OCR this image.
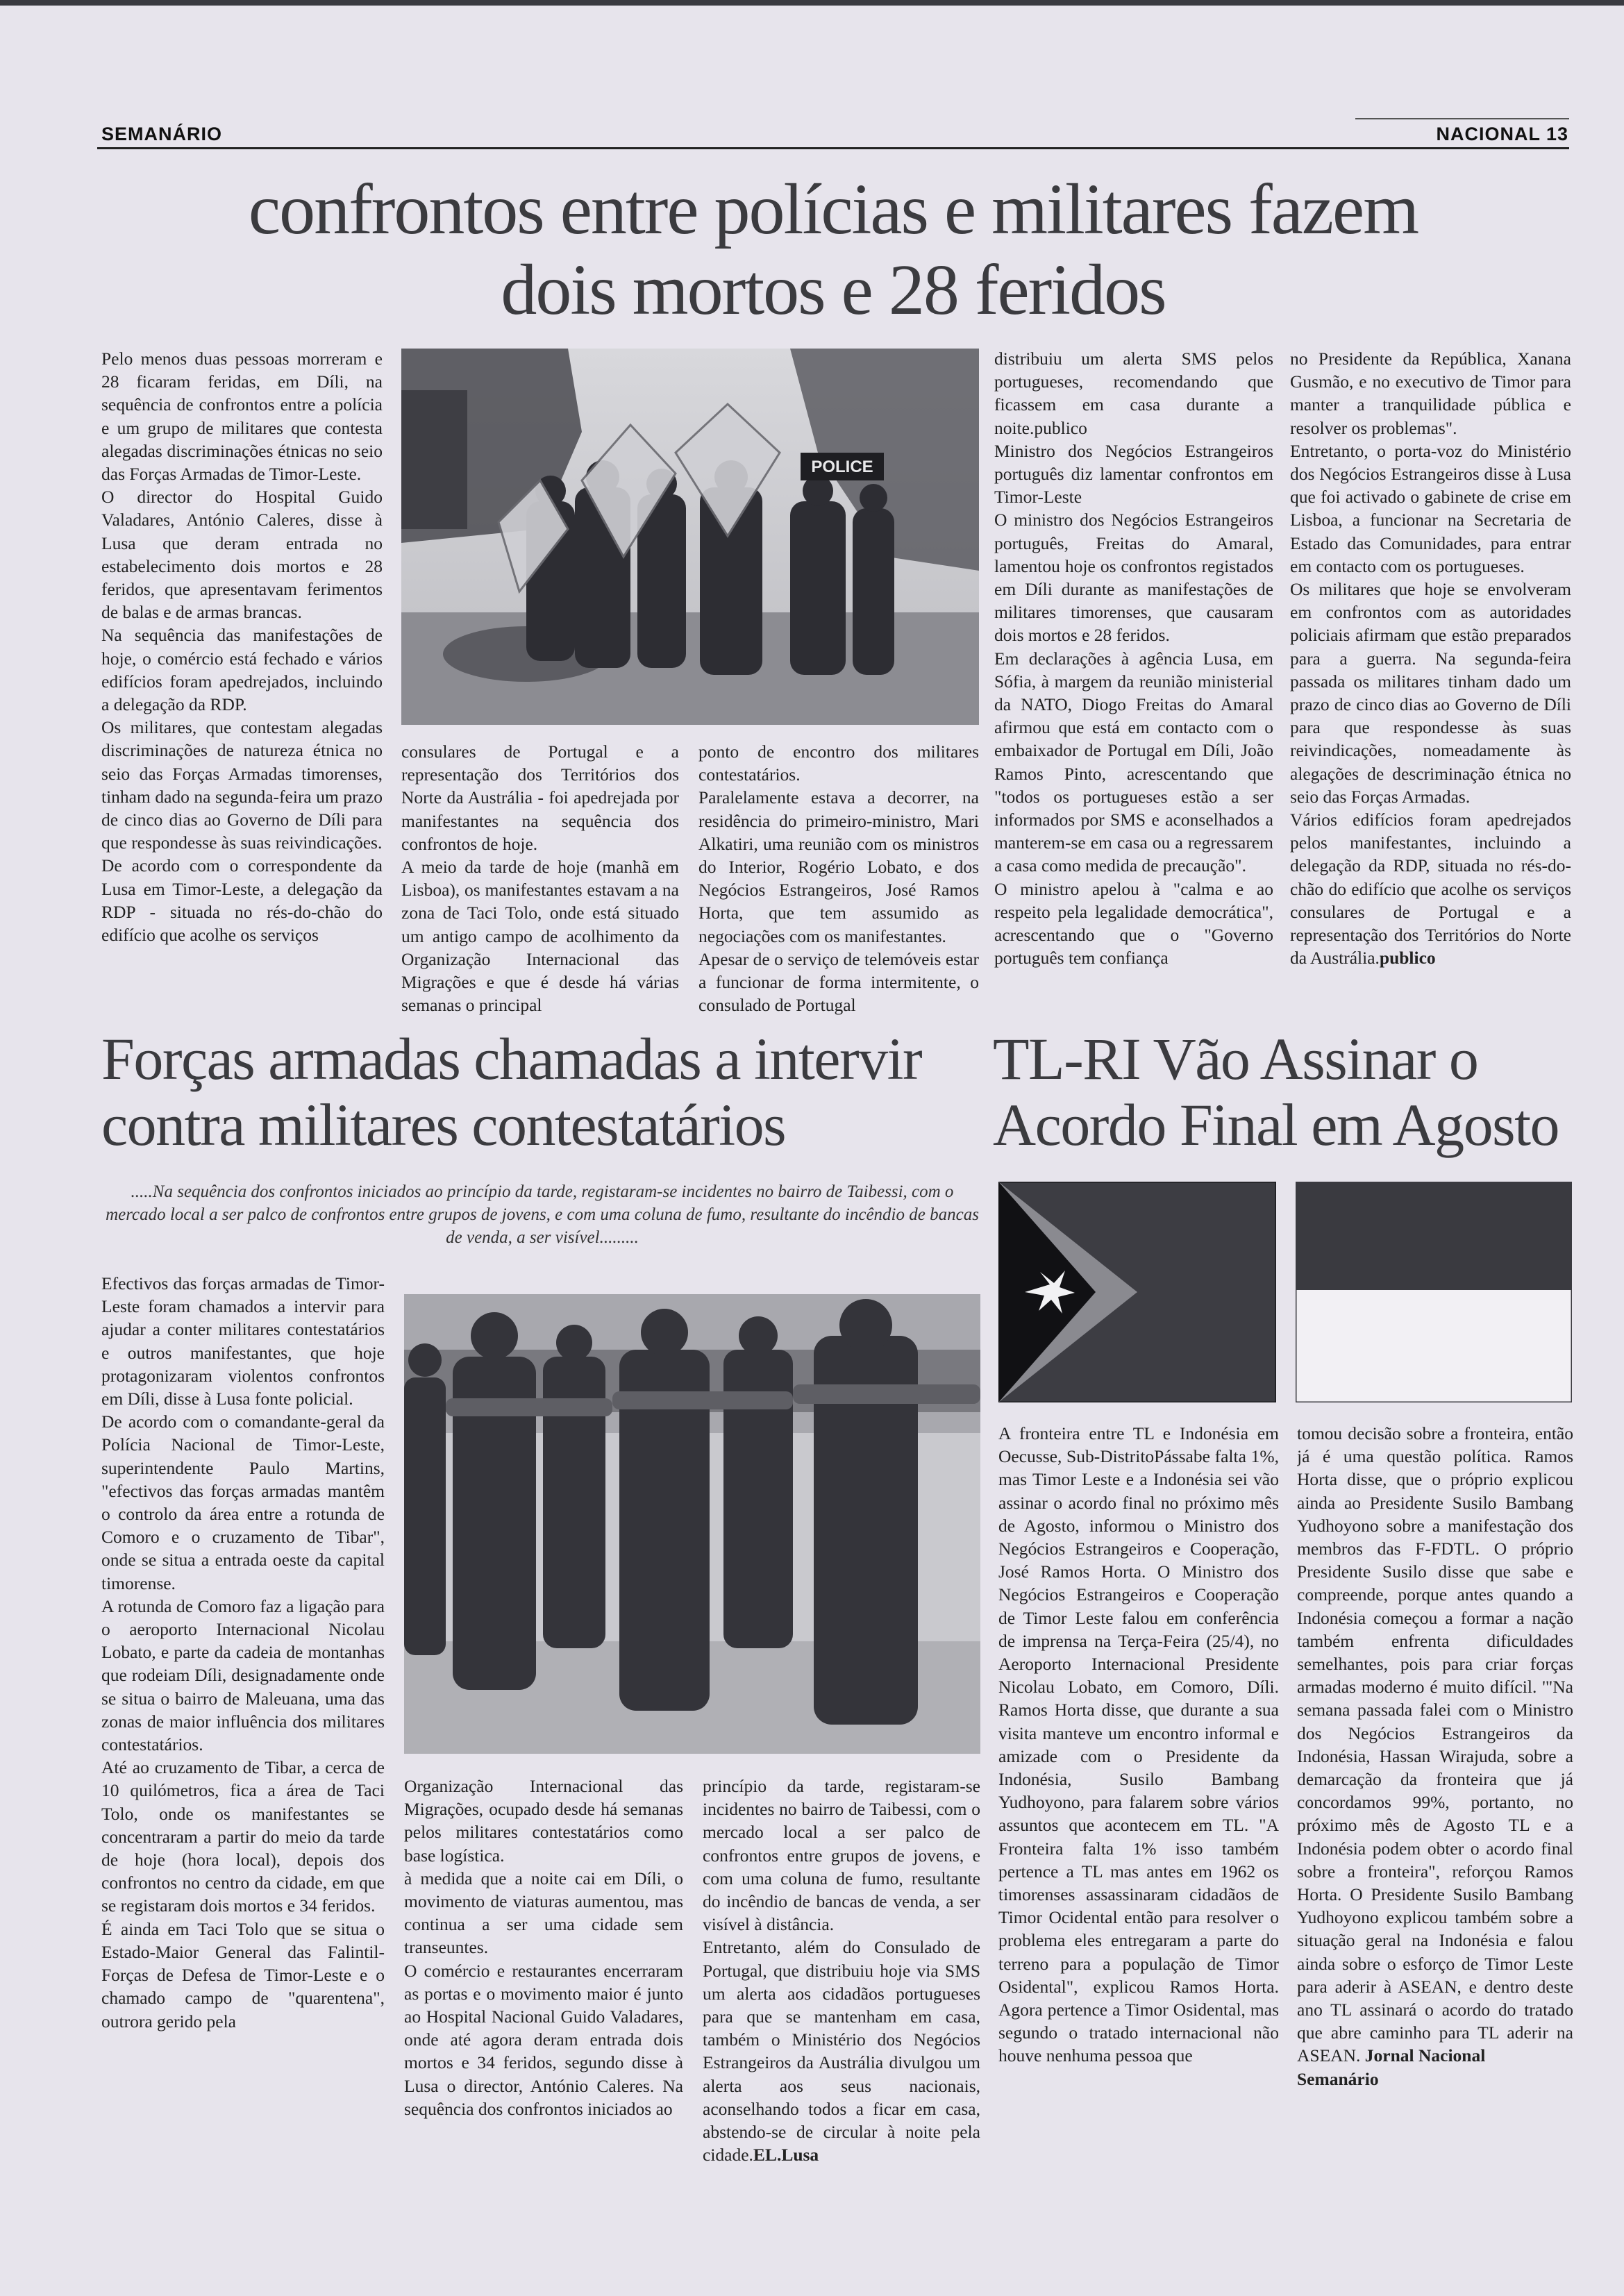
SEMANÁRIO	NACIONAL 13
confrontos entre polícias e militares fazem
dois mortos e 28 feridos
Pelo menos duas pessoas morreram e 28 ficaram feridas, em Díli, na sequência de confrontos entre a polícia e um grupo de militares que contesta alegadas discriminações étnicas no seio das Forças Armadas de Timor-Leste.
O director do Hospital Guido Valadares, António Caleres, disse à Lusa que deram entrada no estabelecimento dois mortos e 28 feridos, que apresentavam ferimentos de balas e de armas brancas.
Na sequência das manifestações de hoje, o comércio está fechado e vários edifícios foram apedrejados, incluindo a delegação da RDP.
Os militares, que contestam alegadas discriminações de natureza étnica no seio das Forças Armadas timorenses, tinham dado na segunda-feira um prazo de cinco dias ao Governo de Díli para que respondesse às suas reivindicações.
De acordo com o correspondente da Lusa em Timor-Leste, a delegação da RDP - situada no rés-do-chão do edifício que acolhe os serviços
POLICE
consulares de Portugal e a representação dos Territórios dos Norte da Austrália - foi apedrejada por manifestantes na sequência dos confrontos de hoje.
A meio da tarde de hoje (manhã em Lisboa), os manifestantes estavam a na zona de Taci Tolo, onde está situado um antigo campo de acolhimento da Organização Internacional das Migrações e que é desde há várias semanas o principal
ponto de encontro dos militares contestatários.
Paralelamente estava a decorrer, na residência do primeiro-ministro, Mari Alkatiri, uma reunião com os ministros do Interior, Rogério Lobato, e dos Negócios Estrangeiros, José Ramos Horta, que tem assumido as negociações com os manifestantes.
Apesar de o serviço de telemóveis estar a funcionar de forma intermitente, o consulado de Portugal
distribuiu um alerta SMS pelos portugueses, recomendando que ficassem em casa durante a noite.publico
Ministro dos Negócios Estrangeiros português diz lamentar confrontos em Timor-Leste
O ministro dos Negócios Estrangeiros português, Freitas do Amaral, lamentou hoje os confrontos registados em Díli durante as manifestações de militares timorenses, que causaram dois mortos e 28 feridos.
Em declarações à agência Lusa, em Sófia, à margem da reunião ministerial da NATO, Diogo Freitas do Amaral afirmou que está em contacto com o embaixador de Portugal em Díli, João Ramos Pinto, acrescentando que "todos os portugueses estão a ser informados por SMS e aconselhados a manterem-se em casa ou a regressarem a casa como medida de precaução".
O ministro apelou à "calma e ao respeito pela legalidade democrática", acrescentando que o "Governo português tem confiança
no Presidente da República, Xanana Gusmão, e no executivo de Timor para manter a tranquilidade pública e resolver os problemas".
Entretanto, o porta-voz do Ministério dos Negócios Estrangeiros disse à Lusa que foi activado o gabinete de crise em Lisboa, a funcionar na Secretaria de Estado das Comunidades, para entrar em contacto com os portugueses.
Os militares que hoje se envolveram em confrontos com as autoridades policiais afirmam que estão preparados para a guerra. Na segunda-feira passada os militares tinham dado um prazo de cinco dias ao Governo de Díli para que respondesse às suas reivindicações, nomeadamente às alegações de descriminação étnica no seio das Forças Armadas.
Vários edifícios foram apedrejados pelos manifestantes, incluindo a delegação da RDP, situada no rés-do-chão do edifício que acolhe os serviços consulares de Portugal e a representação dos Territórios do Norte da Austrália.publico
Forças armadas chamadas a intervir
contra militares contestatários
.....Na sequência dos confrontos iniciados ao princípio da tarde, registaram-se incidentes no bairro de Taibessi, com o mercado local a ser palco de confrontos entre grupos de jovens, e com uma coluna de fumo, resultante do incêndio de bancas de venda, a ser visível.........
Efectivos das forças armadas de Timor- Leste foram chamados a intervir para ajudar a conter militares contestatários e outros manifestantes, que hoje protagonizaram violentos confrontos em Díli, disse à Lusa fonte policial.
De acordo com o comandante-geral da Polícia Nacional de Timor-Leste, superintendente Paulo Martins, "efectivos das forças armadas mantêm o controlo da área entre a rotunda de Comoro e o cruzamento de Tibar", onde se situa a entrada oeste da capital timorense.
A rotunda de Comoro faz a ligação para o aeroporto Internacional Nicolau Lobato, e parte da cadeia de montanhas que rodeiam Díli, designadamente onde se situa o bairro de Maleuana, uma das zonas de maior influência dos militares contestatários.
Até ao cruzamento de Tibar, a cerca de 10 quilómetros, fica a área de Taci Tolo, onde os manifestantes se concentraram a partir do meio da tarde de hoje (hora local), depois dos confrontos no centro da cidade, em que se registaram dois mortos e 34 feridos.
É ainda em Taci Tolo que se situa o Estado-Maior General das Falintil-Forças de Defesa de Timor-Leste e o chamado campo de "quarentena", outrora gerido pela
Organização Internacional das Migrações, ocupado desde há semanas pelos militares contestatários como base logística.
à medida que a noite cai em Díli, o movimento de viaturas aumentou, mas continua a ser uma cidade sem transeuntes.
O comércio e restaurantes encerraram as portas e o movimento maior é junto ao Hospital Nacional Guido Valadares, onde até agora deram entrada dois mortos e 34 feridos, segundo disse à Lusa o director, António Caleres. Na sequência dos confrontos iniciados ao
princípio da tarde, registaram-se incidentes no bairro de Taibessi, com o mercado local a ser palco de confrontos entre grupos de jovens, e com uma coluna de fumo, resultante do incêndio de bancas de venda, a ser visível à distância.
Entretanto, além do Consulado de Portugal, que distribuiu hoje via SMS um alerta aos cidadãos portugueses para que se mantenham em casa, também o Ministério dos Negócios Estrangeiros da Austrália divulgou um alerta aos seus nacionais, aconselhando todos a ficar em casa, abstendo-se de circular à noite pela cidade.EL.Lusa
TL-RI Vão Assinar o
Acordo Final em Agosto
A fronteira entre TL e Indonésia em Oecusse, Sub-DistritoPássabe falta 1%, mas Timor Leste e a Indonésia sei vão assinar o acordo final no próximo mês de Agosto, informou o Ministro dos Negócios Estrangeiros e Cooperação, José Ramos Horta. O Ministro dos Negócios Estrangeiros e Cooperação de Timor Leste falou em conferência de imprensa na Terça-Feira (25/4), no Aeroporto Internacional Presidente Nicolau Lobato, em Comoro, Díli. Ramos Horta disse, que durante a sua visita manteve um encontro informal e amizade com o Presidente da Indonésia, Susilo Bambang Yudhoyono, para falarem sobre vários assuntos que acontecem em TL. "A Fronteira falta 1% isso também pertence a TL mas antes em 1962 os timorenses assassinaram cidadãos de Timor Ocidental então para resolver o problema eles entregaram a parte do terreno para a população de Timor Osidental", explicou Ramos Horta. Agora pertence a Timor Osidental, mas segundo o tratado internacional não houve nenhuma pessoa que
tomou decisão sobre a fronteira, então já é uma questão política. Ramos Horta disse, que o próprio explicou ainda ao Presidente Susilo Bambang Yudhoyono sobre a manifestação dos membros das F-FDTL. O próprio Presidente Susilo disse que sabe e compreende, porque antes quando a Indonésia começou a formar a nação também enfrenta dificuldades semelhantes, pois para criar forças armadas moderno é muito difícil. '"Na semana passada falei com o Ministro dos Negócios Estrangeiros da Indonésia, Hassan Wirajuda, sobre a demarcação da fronteira que já concordamos 99%, portanto, no próximo mês de Agosto TL e a Indonésia podem obter o acordo final sobre a fronteira", reforçou Ramos Horta. O Presidente Susilo Bambang Yudhoyono explicou também sobre a situação geral na Indonésia e falou ainda sobre o esforço de Timor Leste para aderir à ASEAN, e dentro deste ano TL assinará o acordo do tratado que abre caminho para TL aderir na ASEAN. Jornal Nacional
Semanário
